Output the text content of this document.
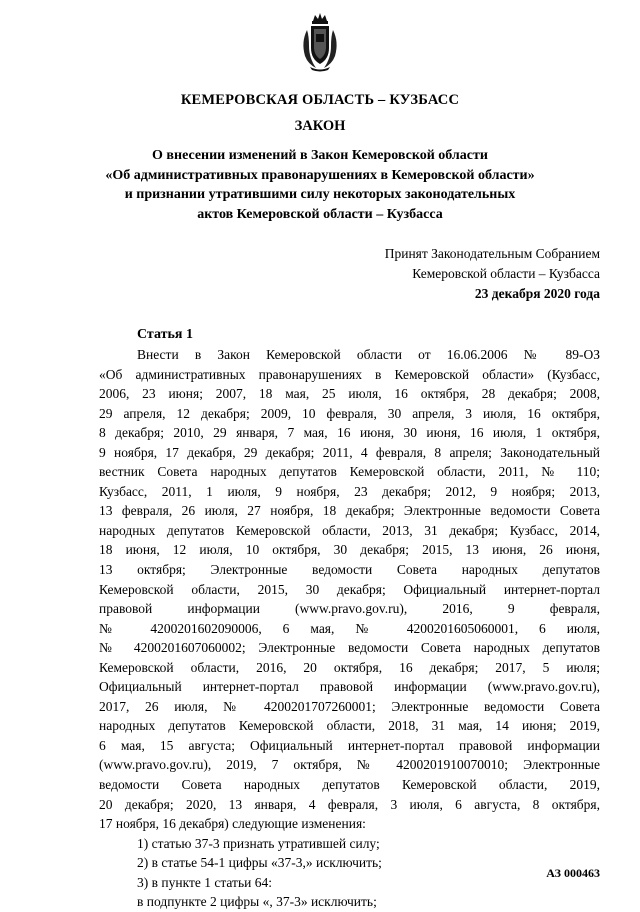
КЕМЕРОВСКАЯ ОБЛАСТЬ – КУЗБАСС
ЗАКОН
О внесении изменений в Закон Кемеровской области
«Об административных правонарушениях в Кемеровской области»
и признании утратившими силу некоторых законодательных
актов Кемеровской области – Кузбасса
Принят Законодательным Собранием
Кемеровской области – Кузбасса
23 декабря 2020 года
Статья 1
Внести в Закон Кемеровской области от 16.06.2006 № 89-ОЗ
«Об административных правонарушениях в Кемеровской области» (Кузбасс,
2006, 23 июня; 2007, 18 мая, 25 июля, 16 октября, 28 декабря; 2008,
29 апреля, 12 декабря; 2009, 10 февраля, 30 апреля, 3 июля, 16 октября,
8 декабря; 2010, 29 января, 7 мая, 16 июня, 30 июня, 16 июля, 1 октября,
9 ноября, 17 декабря, 29 декабря; 2011, 4 февраля, 8 апреля; Законодательный
вестник Совета народных депутатов Кемеровской области, 2011, № 110;
Кузбасс, 2011, 1 июля, 9 ноября, 23 декабря; 2012, 9 ноября; 2013,
13 февраля, 26 июля, 27 ноября, 18 декабря; Электронные ведомости Совета
народных депутатов Кемеровской области, 2013, 31 декабря; Кузбасс, 2014,
18 июня, 12 июля, 10 октября, 30 декабря; 2015, 13 июня, 26 июня,
13 октября; Электронные ведомости Совета народных депутатов
Кемеровской области, 2015, 30 декабря; Официальный интернет-портал
правовой информации (www.pravo.gov.ru), 2016, 9 февраля,
№ 4200201602090006, 6 мая, № 4200201605060001, 6 июля,
№ 4200201607060002; Электронные ведомости Совета народных депутатов
Кемеровской области, 2016, 20 октября, 16 декабря; 2017, 5 июля;
Официальный интернет-портал правовой информации (www.pravo.gov.ru),
2017, 26 июля, № 4200201707260001; Электронные ведомости Совета
народных депутатов Кемеровской области, 2018, 31 мая, 14 июня; 2019,
6 мая, 15 августа; Официальный интернет-портал правовой информации
(www.pravo.gov.ru), 2019, 7 октября, № 4200201910070010; Электронные
ведомости Совета народных депутатов Кемеровской области, 2019,
20 декабря; 2020, 13 января, 4 февраля, 3 июля, 6 августа, 8 октября,
17 ноября, 16 декабря) следующие изменения:
1) статью 37-3 признать утратившей силу;
2) в статье 54-1 цифры «37-3,» исключить;
3) в пункте 1 статьи 64:
в подпункте 2 цифры «, 37-3» исключить;
АЗ 000463
